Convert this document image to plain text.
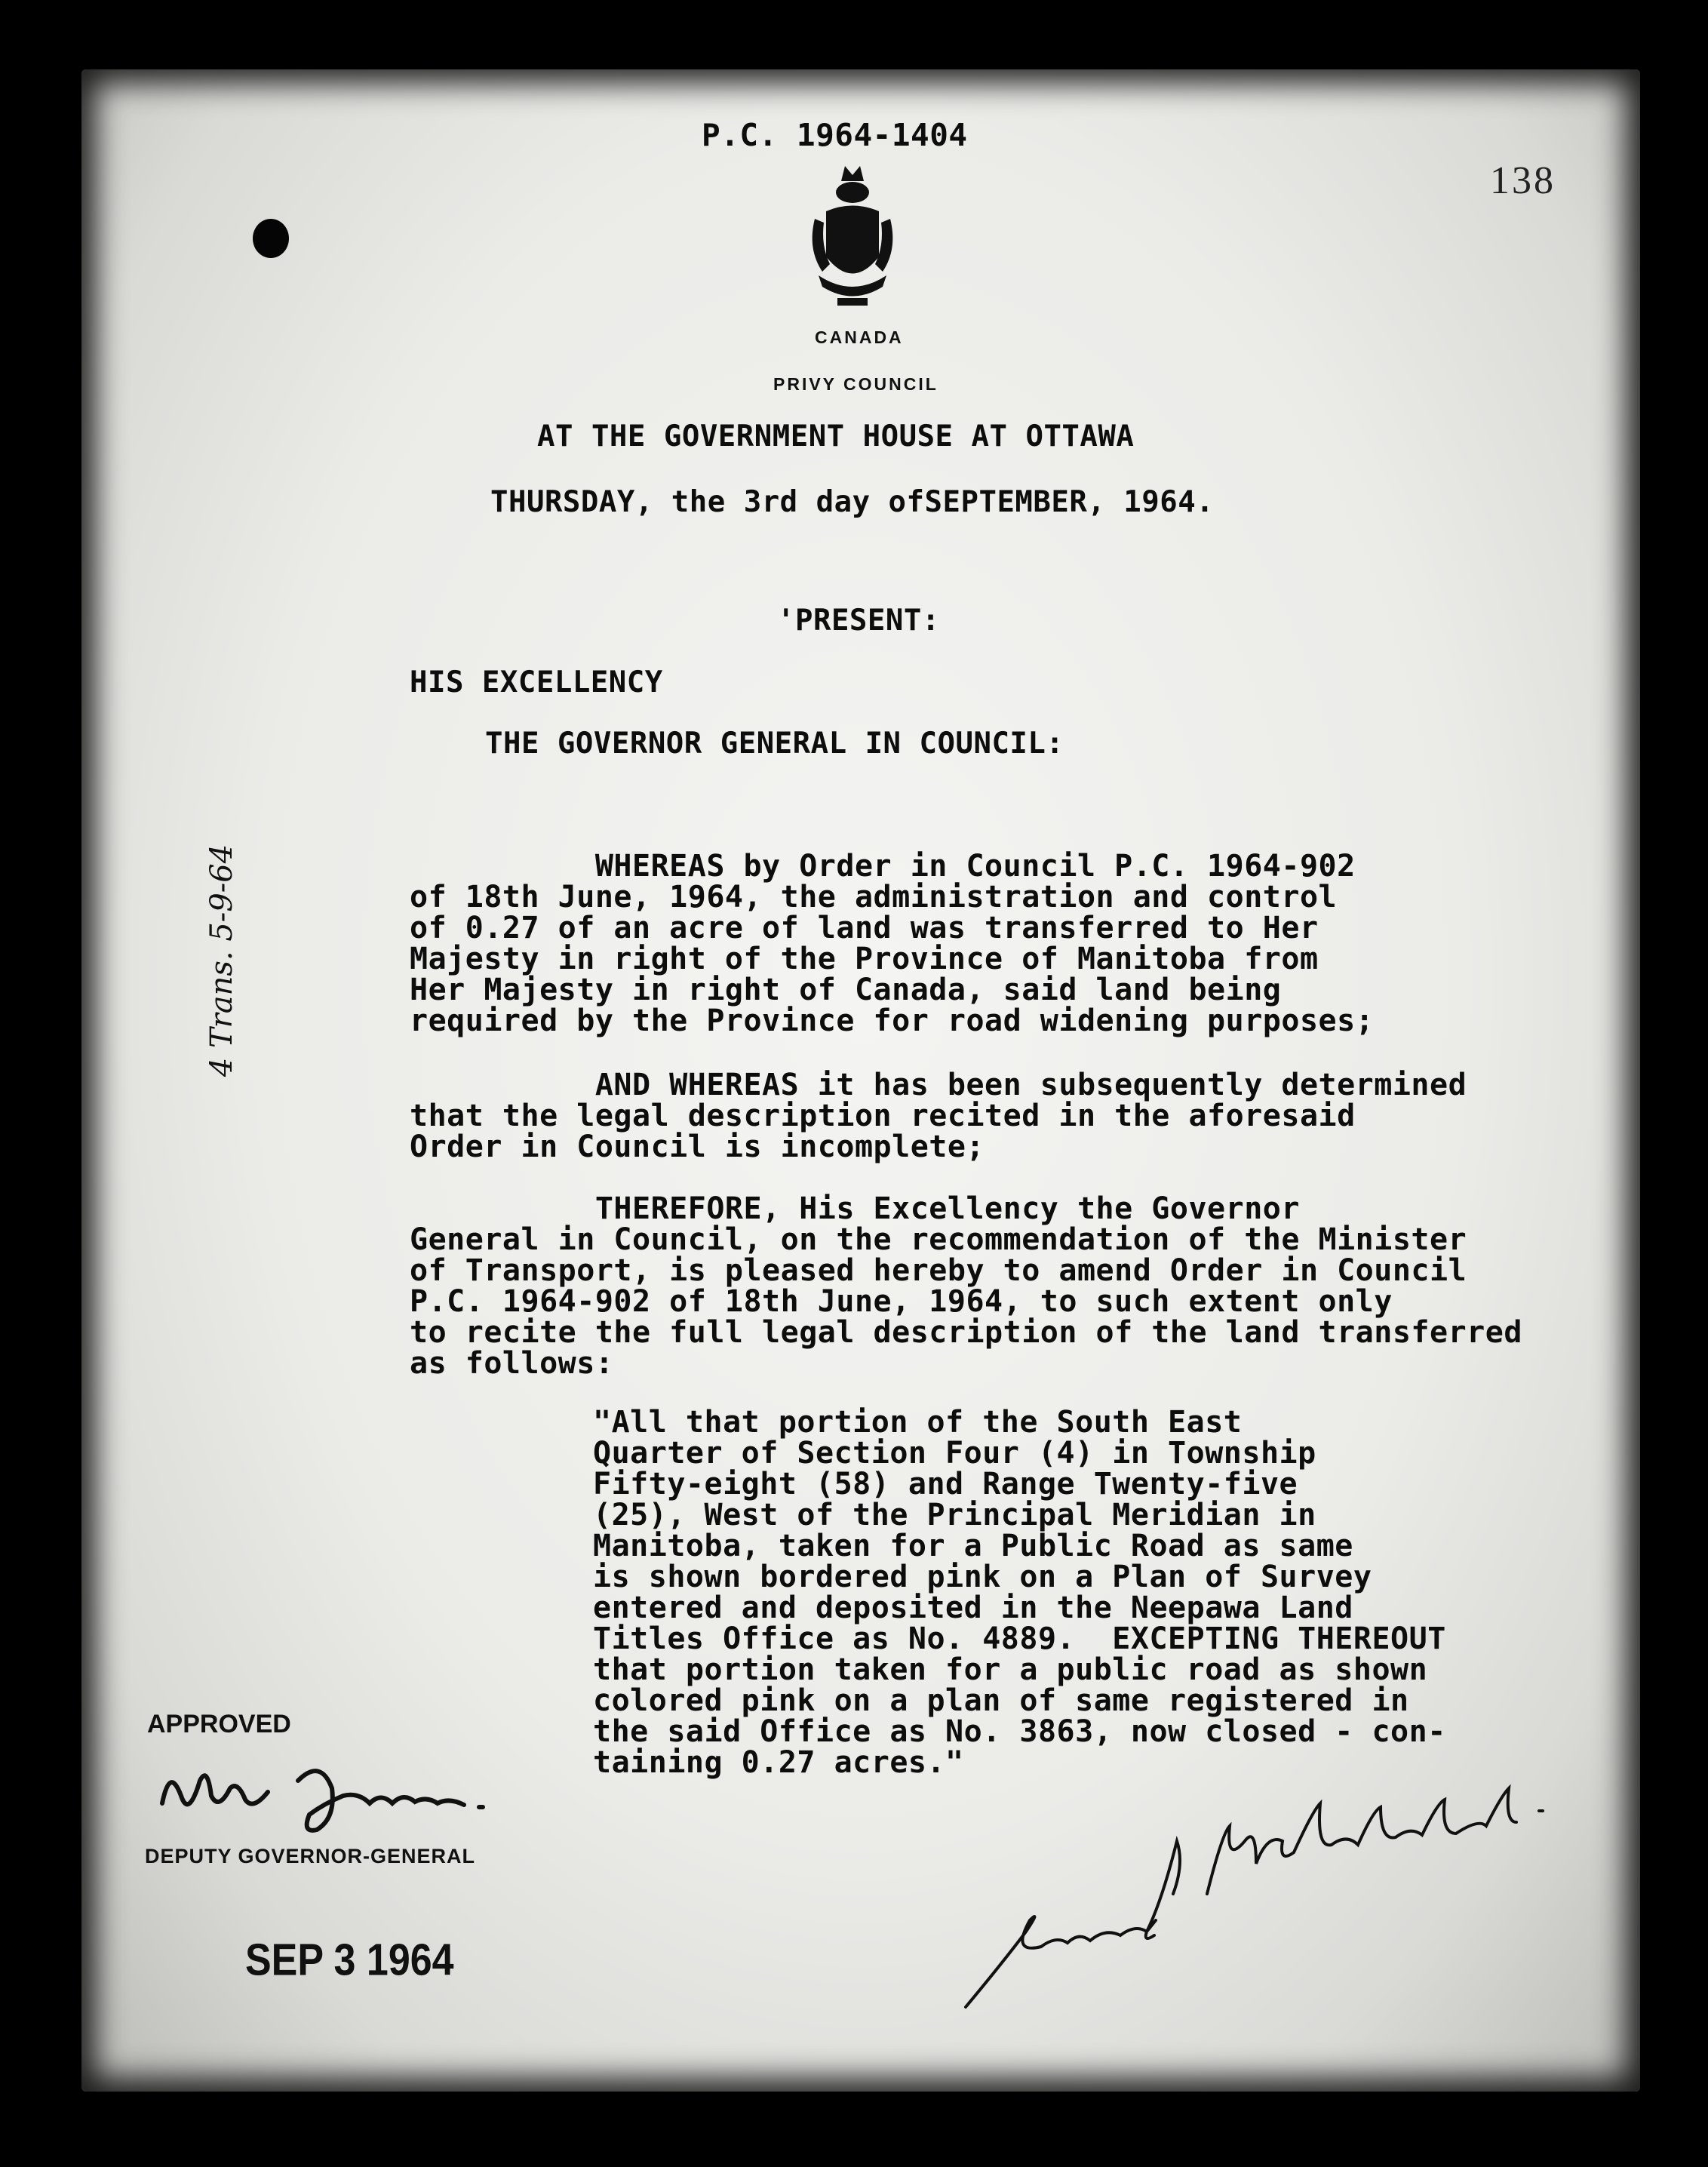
P.C. 1964-1404
138
CANADA
PRIVY COUNCIL
AT THE GOVERNMENT HOUSE AT OTTAWA
THURSDAY, the 3rd day ofSEPTEMBER, 1964.
'PRESENT:
HIS EXCELLENCY
THE GOVERNOR GENERAL IN COUNCIL:
WHEREAS by Order in Council P.C. 1964-902
of 18th June, 1964, the administration and control
of 0.27 of an acre of land was transferred to Her
Majesty in right of the Province of Manitoba from
Her Majesty in right of Canada, said land being
required by the Province for road widening purposes;
AND WHEREAS it has been subsequently determined
that the legal description recited in the aforesaid
Order in Council is incomplete;
THEREFORE, His Excellency the Governor
General in Council, on the recommendation of the Minister
of Transport, is pleased hereby to amend Order in Council
P.C. 1964-902 of 18th June, 1964, to such extent only
to recite the full legal description of the land transferred
as follows:
"All that portion of the South East
Quarter of Section Four (4) in Township
Fifty-eight (58) and Range Twenty-five
(25), West of the Principal Meridian in
Manitoba, taken for a Public Road as same
is shown bordered pink on a Plan of Survey
entered and deposited in the Neepawa Land
Titles Office as No. 4889.  EXCEPTING THEREOUT
that portion taken for a public road as shown
colored pink on a plan of same registered in
the said Office as No. 3863, now closed - con-
taining 0.27 acres."
4 Trans. 5-9-64
APPROVED
DEPUTY GOVERNOR-GENERAL
SEP 3 1964
